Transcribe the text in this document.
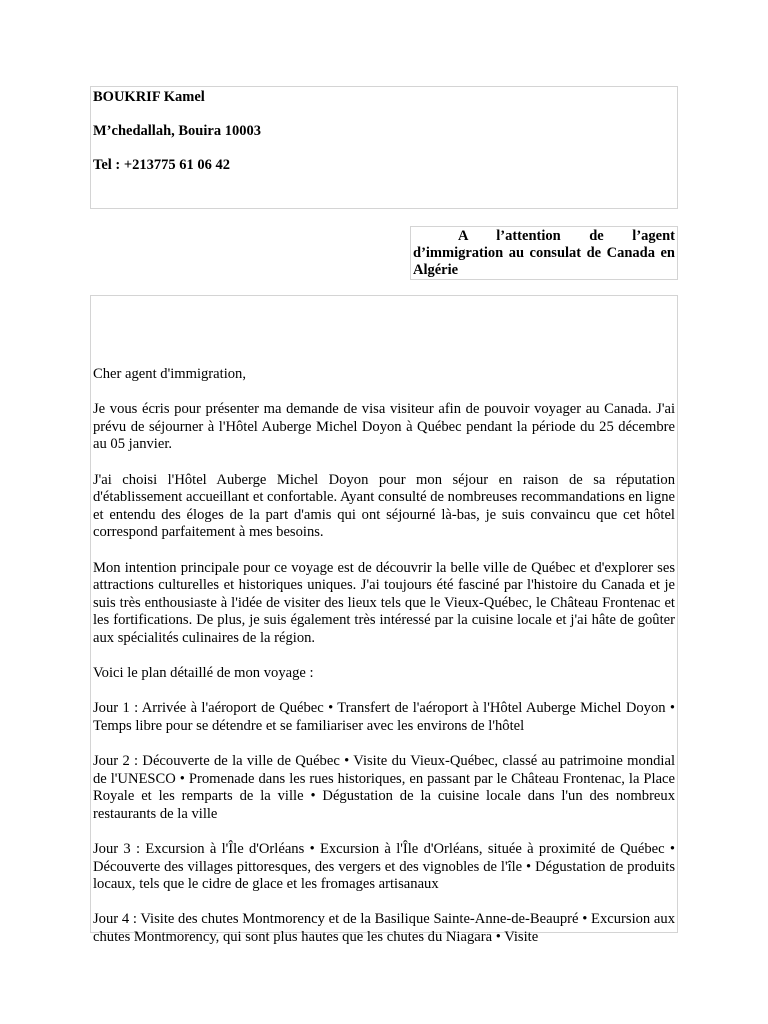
BOUKRIF Kamel

M’chedallah, Bouira 10003

Tel : +213775 61 06 42

A l’attention de l’agent d’immigration au consulat de Canada en Algérie

Cher agent d'immigration,

Je vous écris pour présenter ma demande de visa visiteur afin de pouvoir voyager au Canada. J'ai prévu de séjourner à l'Hôtel Auberge Michel Doyon à Québec pendant la période du 25 décembre au 05 janvier.

J'ai choisi l'Hôtel Auberge Michel Doyon pour mon séjour en raison de sa réputation d'établissement accueillant et confortable. Ayant consulté de nombreuses recommandations en ligne et entendu des éloges de la part d'amis qui ont séjourné là-bas, je suis convaincu que cet hôtel correspond parfaitement à mes besoins.

Mon intention principale pour ce voyage est de découvrir la belle ville de Québec et d'explorer ses attractions culturelles et historiques uniques. J'ai toujours été fasciné par l'histoire du Canada et je suis très enthousiaste à l'idée de visiter des lieux tels que le Vieux-Québec, le Château Frontenac et les fortifications. De plus, je suis également très intéressé par la cuisine locale et j'ai hâte de goûter aux spécialités culinaires de la région.

Voici le plan détaillé de mon voyage :

Jour 1 : Arrivée à l'aéroport de Québec • Transfert de l'aéroport à l'Hôtel Auberge Michel Doyon • Temps libre pour se détendre et se familiariser avec les environs de l'hôtel

Jour 2 : Découverte de la ville de Québec • Visite du Vieux-Québec, classé au patrimoine mondial de l'UNESCO • Promenade dans les rues historiques, en passant par le Château Frontenac, la Place Royale et les remparts de la ville • Dégustation de la cuisine locale dans l'un des nombreux restaurants de la ville

Jour 3 : Excursion à l'Île d'Orléans • Excursion à l'Île d'Orléans, située à proximité de Québec • Découverte des villages pittoresques, des vergers et des vignobles de l'île • Dégustation de produits locaux, tels que le cidre de glace et les fromages artisanaux

Jour 4 : Visite des chutes Montmorency et de la Basilique Sainte-Anne-de-Beaupré • Excursion aux chutes Montmorency, qui sont plus hautes que les chutes du Niagara • Visite
